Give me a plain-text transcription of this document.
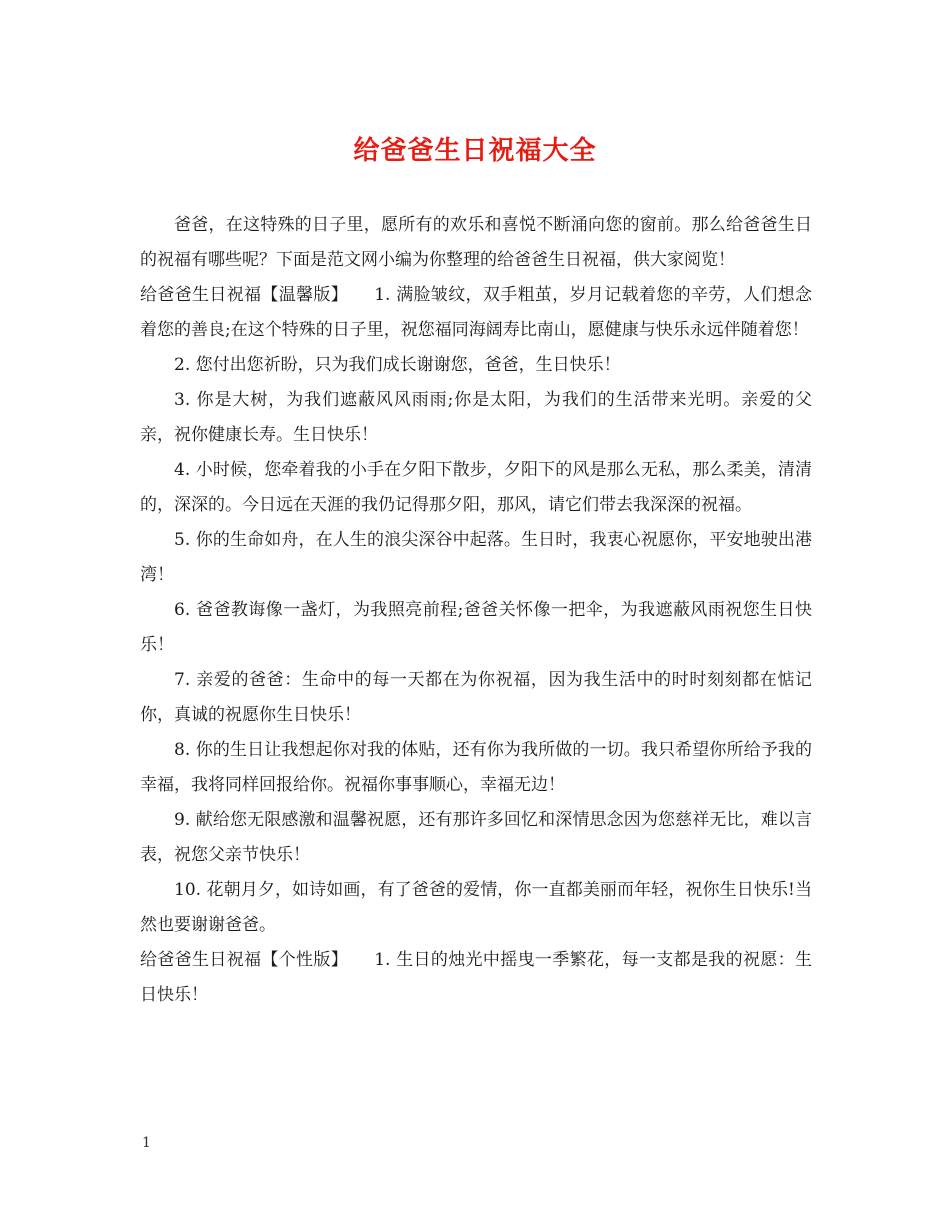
给爸爸生日祝福大全

爸爸，在这特殊的日子里，愿所有的欢乐和喜悦不断涌向您的窗前。那么给爸爸生日的祝福有哪些呢？下面是范文网小编为你整理的给爸爸生日祝福，供大家阅览！

给爸爸生日祝福【温馨版】　　1. 满脸皱纹，双手粗茧，岁月记载着您的辛劳，人们想念着您的善良;在这个特殊的日子里，祝您福同海阔寿比南山，愿健康与快乐永远伴随着您！

2. 您付出您祈盼，只为我们成长谢谢您，爸爸，生日快乐！

3. 你是大树，为我们遮蔽风风雨雨;你是太阳，为我们的生活带来光明。亲爱的父亲，祝你健康长寿。生日快乐！

4. 小时候，您牵着我的小手在夕阳下散步，夕阳下的风是那么无私，那么柔美，清清的，深深的。今日远在天涯的我仍记得那夕阳，那风，请它们带去我深深的祝福。

5. 你的生命如舟，在人生的浪尖深谷中起落。生日时，我衷心祝愿你，平安地驶出港湾！

6. 爸爸教诲像一盏灯，为我照亮前程;爸爸关怀像一把伞，为我遮蔽风雨祝您生日快乐！

7. 亲爱的爸爸：生命中的每一天都在为你祝福，因为我生活中的时时刻刻都在惦记你，真诚的祝愿你生日快乐！

8. 你的生日让我想起你对我的体贴，还有你为我所做的一切。我只希望你所给予我的幸福，我将同样回报给你。祝福你事事顺心，幸福无边！

9. 献给您无限感激和温馨祝愿，还有那许多回忆和深情思念因为您慈祥无比，难以言表，祝您父亲节快乐！

10. 花朝月夕，如诗如画，有了爸爸的爱情，你一直都美丽而年轻，祝你生日快乐!当然也要谢谢爸爸。

给爸爸生日祝福【个性版】　　1. 生日的烛光中摇曳一季繁花，每一支都是我的祝愿：生日快乐！

1
